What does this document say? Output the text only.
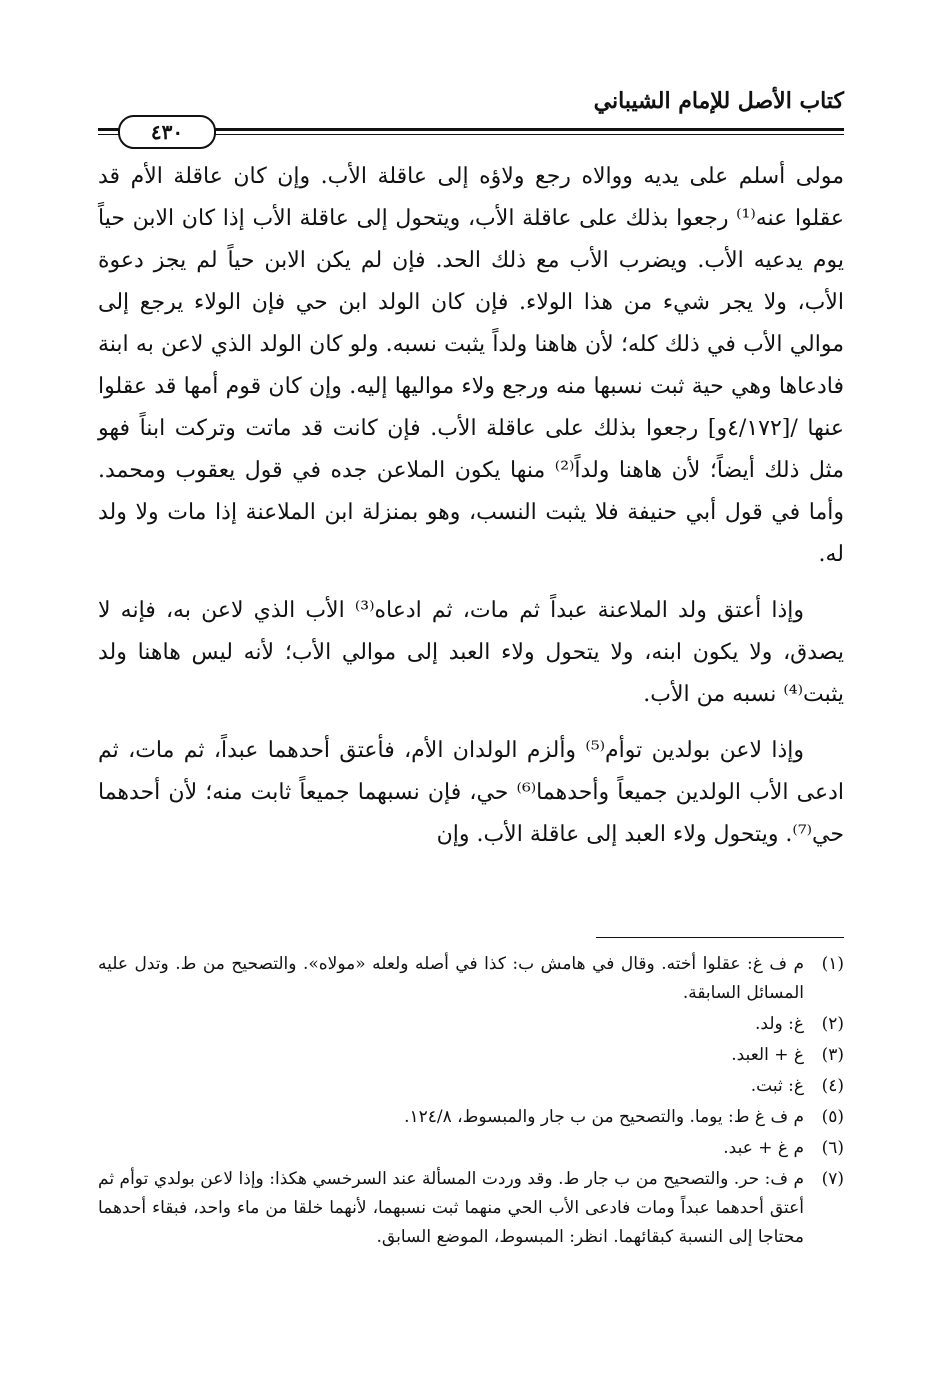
كتاب الأصل للإمام الشيباني
٤٣٠

مولى أسلم على يديه ووالاه رجع ولاؤه إلى عاقلة الأب. وإن كان عاقلة الأم قد عقلوا عنه⁽¹⁾ رجعوا بذلك على عاقلة الأب، ويتحول إلى عاقلة الأب إذا كان الابن حياً يوم يدعيه الأب. ويضرب الأب مع ذلك الحد. فإن لم يكن الابن حياً لم يجز دعوة الأب، ولا يجر شيء من هذا الولاء. فإن كان الولد ابن حي فإن الولاء يرجع إلى موالي الأب في ذلك كله؛ لأن هاهنا ولداً يثبت نسبه. ولو كان الولد الذي لاعن به ابنة فادعاها وهي حية ثبت نسبها منه ورجع ولاء مواليها إليه. وإن كان قوم أمها قد عقلوا عنها /[٤/١٧٢و] رجعوا بذلك على عاقلة الأب. فإن كانت قد ماتت وتركت ابناً فهو مثل ذلك أيضاً؛ لأن هاهنا ولداً⁽²⁾ منها يكون الملاعن جده في قول يعقوب ومحمد. وأما في قول أبي حنيفة فلا يثبت النسب، وهو بمنزلة ابن الملاعنة إذا مات ولا ولد له.

وإذا أعتق ولد الملاعنة عبداً ثم مات، ثم ادعاه⁽³⁾ الأب الذي لاعن به، فإنه لا يصدق، ولا يكون ابنه، ولا يتحول ولاء العبد إلى موالي الأب؛ لأنه ليس هاهنا ولد يثبت⁽⁴⁾ نسبه من الأب.

وإذا لاعن بولدين توأم⁽⁵⁾ وألزم الولدان الأم، فأعتق أحدهما عبداً، ثم مات، ثم ادعى الأب الولدين جميعاً وأحدهما⁽⁶⁾ حي، فإن نسبهما جميعاً ثابت منه؛ لأن أحدهما حي⁽⁷⁾. ويتحول ولاء العبد إلى عاقلة الأب. وإن

(١)
م ف غ: عقلوا أخته. وقال في هامش ب: كذا في أصله ولعله «مولاه». والتصحيح من ط. وتدل عليه المسائل السابقة.
(٢)
غ: ولد.
(٣)
غ + العبد.
(٤)
غ: ثبت.
(٥)
م ف غ ط: يوما. والتصحيح من ب جار والمبسوط، ١٢٤/٨.
(٦)
م غ + عبد.
(٧)
م ف: حر. والتصحيح من ب جار ط. وقد وردت المسألة عند السرخسي هكذا: وإذا لاعن بولدي توأم ثم أعتق أحدهما عبداً ومات فادعى الأب الحي منهما ثبت نسبهما، لأنهما خلقا من ماء واحد، فبقاء أحدهما محتاجا إلى النسبة كبقائهما. انظر: المبسوط، الموضع السابق.
